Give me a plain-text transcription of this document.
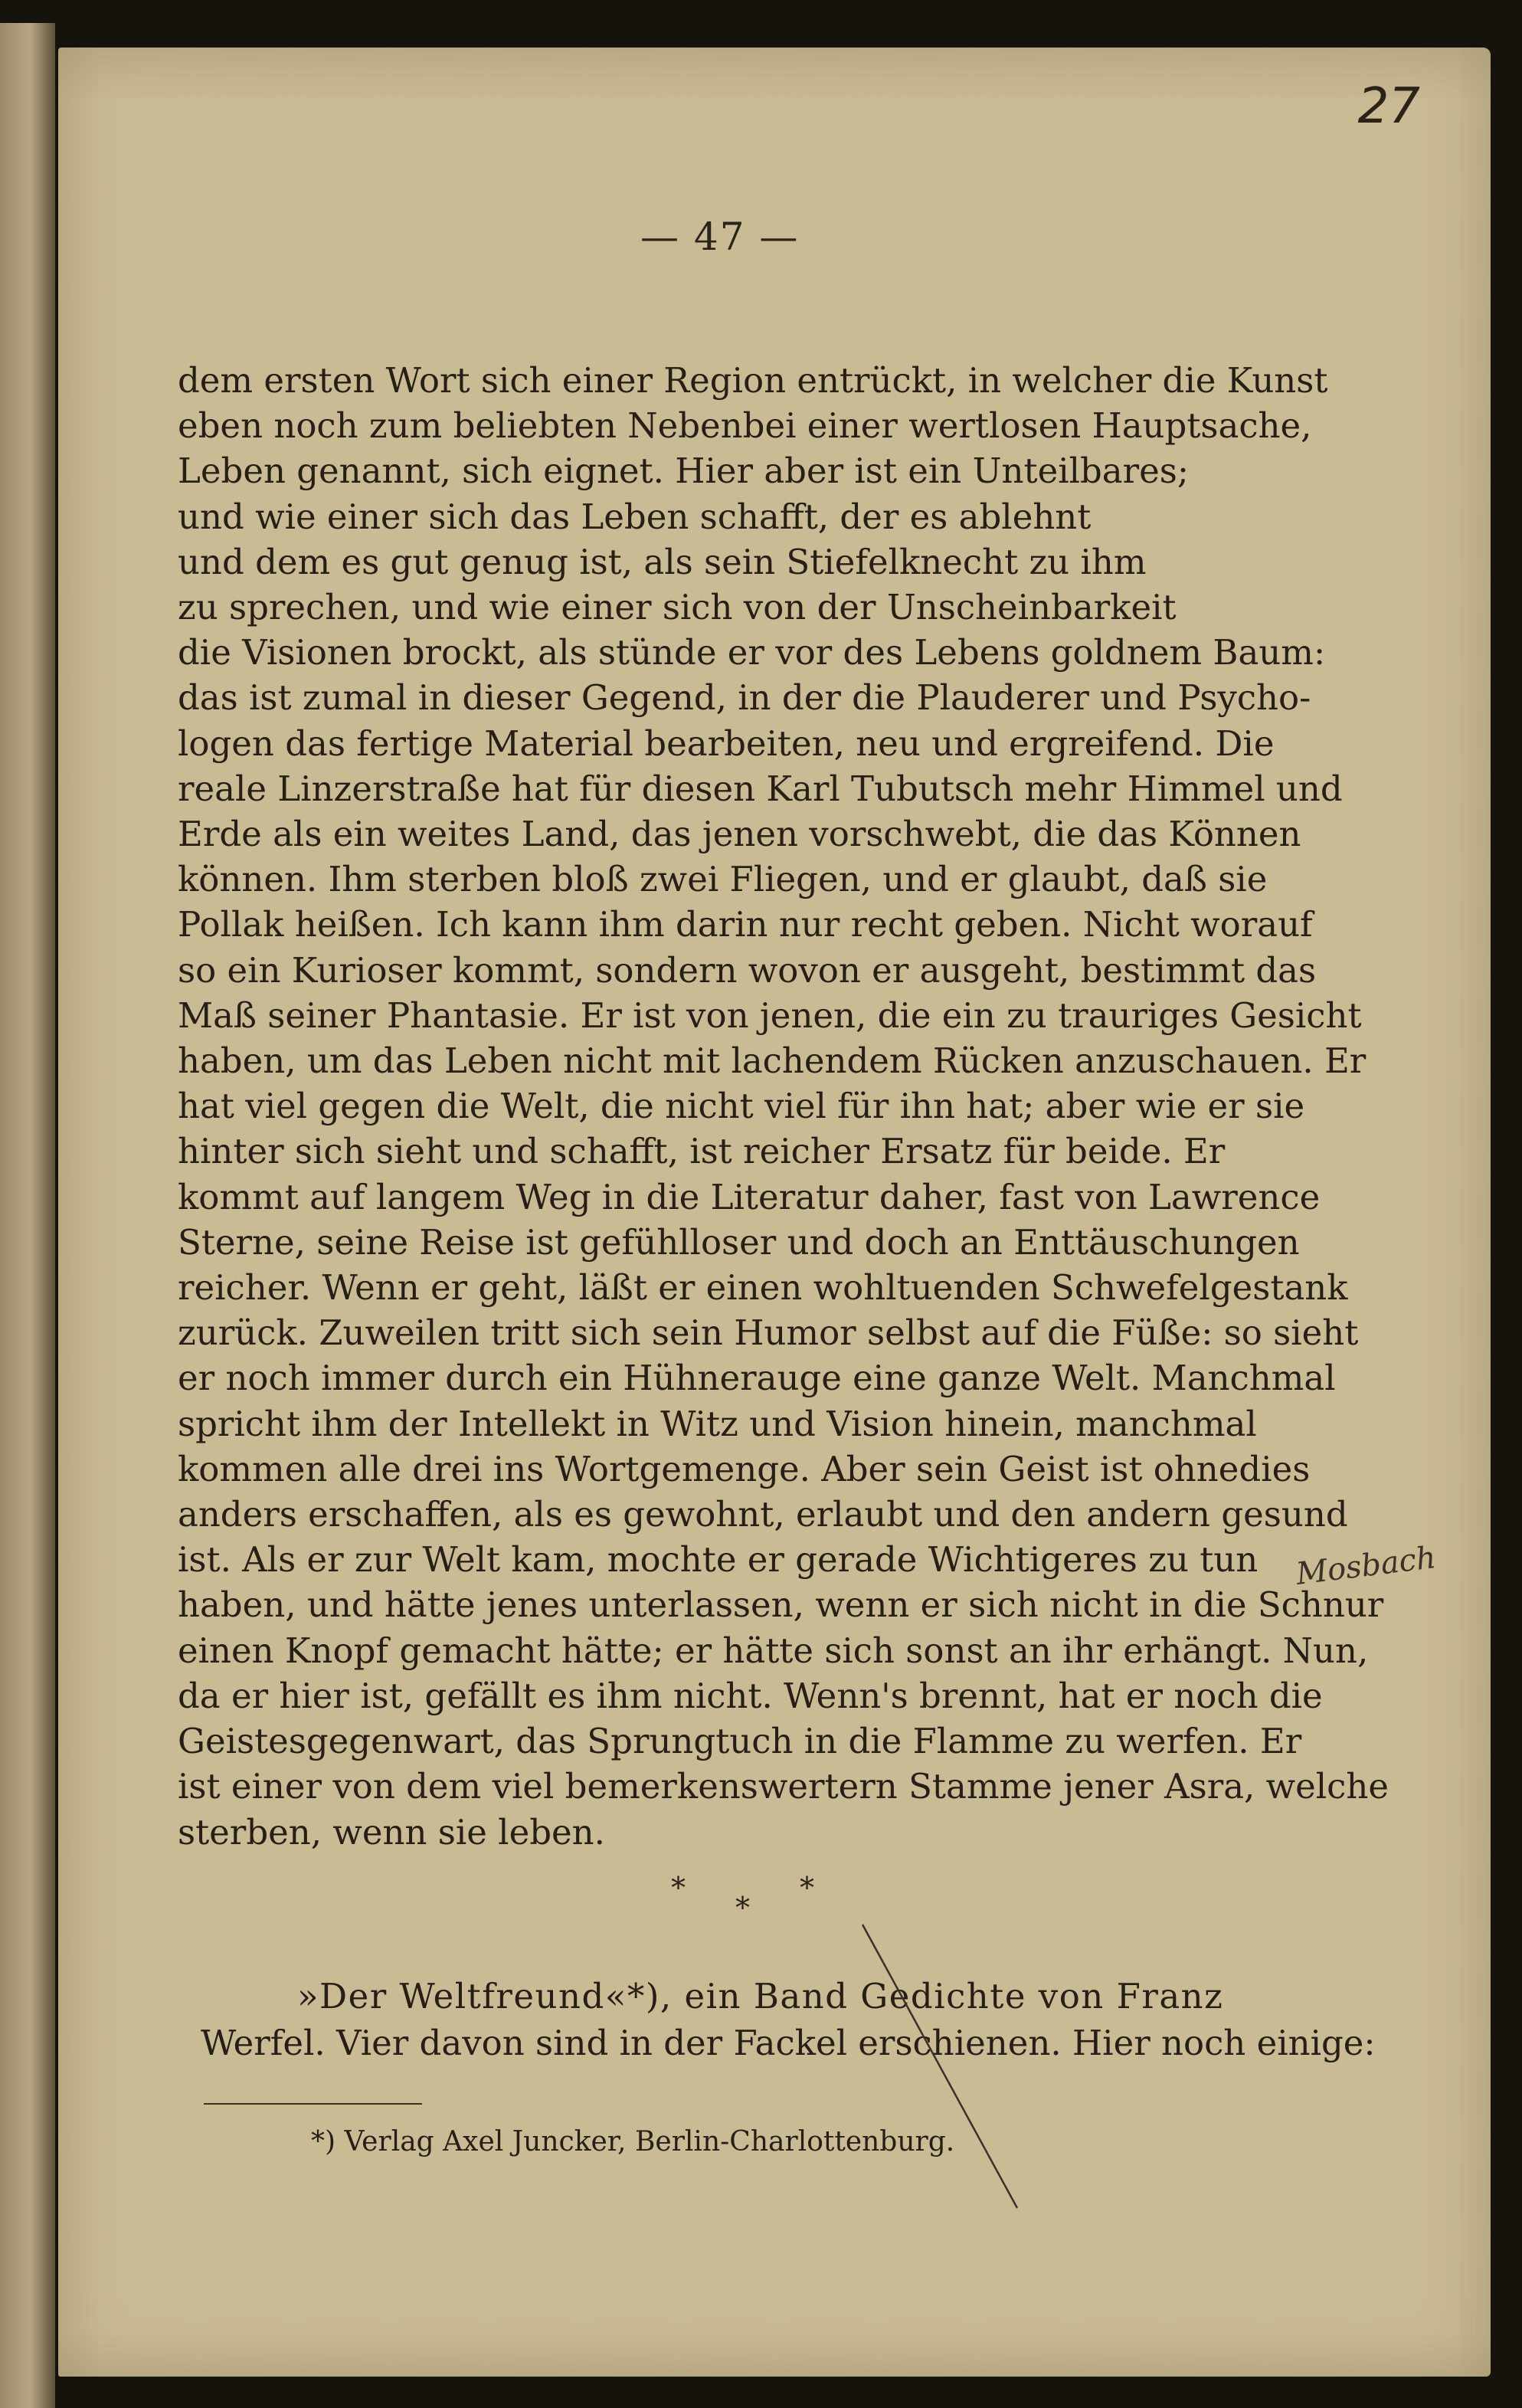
27

— 47 —

dem ersten Wort sich einer Region entrückt, in welcher die Kunst
eben noch zum beliebten Nebenbei einer wertlosen Hauptsache,
Leben genannt, sich eignet. Hier aber ist ein Unteilbares;
und wie einer sich das Leben schafft, der es ablehnt
und dem es gut genug ist, als sein Stiefelknecht zu ihm
zu sprechen, und wie einer sich von der Unscheinbarkeit
die Visionen brockt, als stünde er vor des Lebens goldnem Baum:
das ist zumal in dieser Gegend, in der die Plauderer und Psycho-
logen das fertige Material bearbeiten, neu und ergreifend. Die
reale Linzerstraße hat für diesen Karl Tubutsch mehr Himmel und
Erde als ein weites Land, das jenen vorschwebt, die das Können
können. Ihm sterben bloß zwei Fliegen, und er glaubt, daß sie
Pollak heißen. Ich kann ihm darin nur recht geben. Nicht worauf
so ein Kurioser kommt, sondern wovon er ausgeht, bestimmt das
Maß seiner Phantasie. Er ist von jenen, die ein zu trauriges Gesicht
haben, um das Leben nicht mit lachendem Rücken anzuschauen. Er
hat viel gegen die Welt, die nicht viel für ihn hat; aber wie er sie
hinter sich sieht und schafft, ist reicher Ersatz für beide. Er
kommt auf langem Weg in die Literatur daher, fast von Lawrence
Sterne, seine Reise ist gefühlloser und doch an Enttäuschungen
reicher. Wenn er geht, läßt er einen wohltuenden Schwefelgestank
zurück. Zuweilen tritt sich sein Humor selbst auf die Füße: so sieht
er noch immer durch ein Hühnerauge eine ganze Welt. Manchmal
spricht ihm der Intellekt in Witz und Vision hinein, manchmal
kommen alle drei ins Wortgemenge. Aber sein Geist ist ohnedies
anders erschaffen, als es gewohnt, erlaubt und den andern gesund
ist. Als er zur Welt kam, mochte er gerade Wichtigeres zu tun
haben, und hätte jenes unterlassen, wenn er sich nicht in die Schnur
einen Knopf gemacht hätte; er hätte sich sonst an ihr erhängt. Nun,
da er hier ist, gefällt es ihm nicht. Wenn's brennt, hat er noch die
Geistesgegenwart, das Sprungtuch in die Flamme zu werfen. Er
ist einer von dem viel bemerkenswertern Stamme jener Asra, welche
sterben, wenn sie leben.
*
*
*
»Der Weltfreund«*), ein Band Gedichte von Franz
Werfel. Vier davon sind in der Fackel erschienen. Hier noch einige:

*) Verlag Axel Juncker, Berlin-Charlottenburg.

Mosbach
